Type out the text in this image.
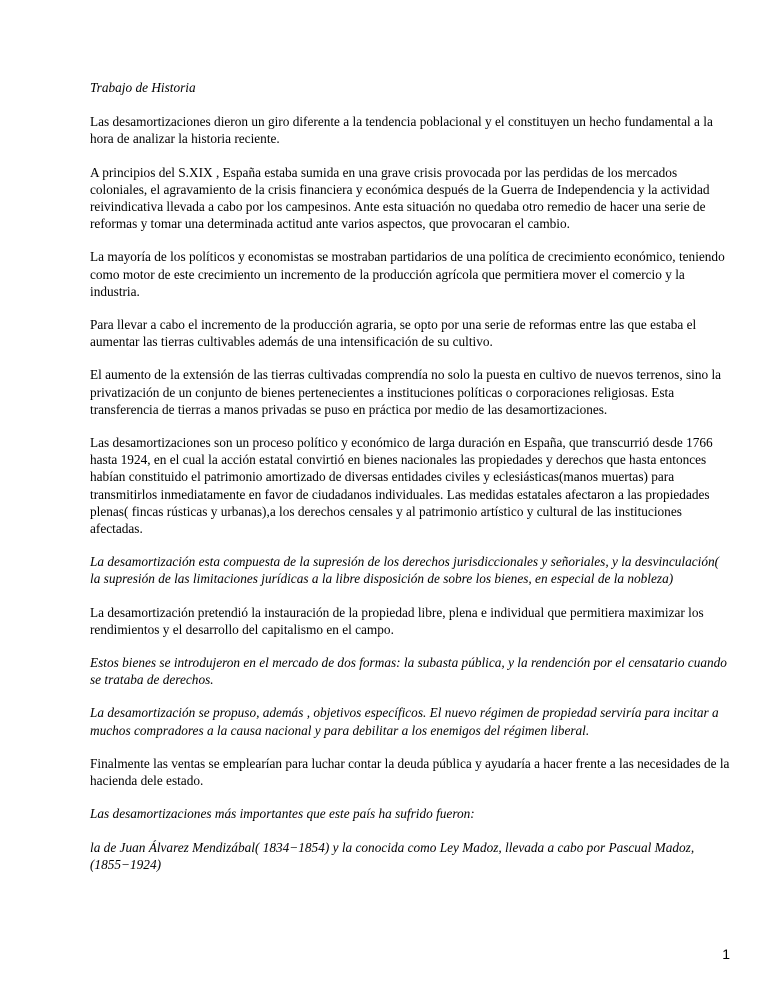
Trabajo de Historia

Las desamortizaciones dieron un giro diferente a la tendencia poblacional y el constituyen un hecho fundamental a la hora de analizar la historia reciente.

A principios del S.XIX , España estaba sumida en una grave crisis provocada por las perdidas de los mercados coloniales, el agravamiento de la crisis financiera y económica después de la Guerra de Independencia y la actividad reivindicativa llevada a cabo por los campesinos. Ante esta situación no quedaba otro remedio de hacer una serie de reformas y tomar una determinada actitud ante varios aspectos, que provocaran el cambio.

La mayoría de los políticos y economistas se mostraban partidarios de una política de crecimiento económico, teniendo como motor de este crecimiento un incremento de la producción agrícola que permitiera mover el comercio y la industria.

Para llevar a cabo el incremento de la producción agraria, se opto por una serie de reformas entre las que estaba el aumentar las tierras cultivables además de una intensificación de su cultivo.

El aumento de la extensión de las tierras cultivadas comprendía no solo la puesta en cultivo de nuevos terrenos, sino la privatización de un conjunto de bienes pertenecientes a instituciones políticas o corporaciones religiosas. Esta transferencia de tierras a manos privadas se puso en práctica por medio de las desamortizaciones.

Las desamortizaciones son un proceso político y económico de larga duración en España, que transcurrió desde 1766 hasta 1924, en el cual la acción estatal convirtió en bienes nacionales las propiedades y derechos que hasta entonces habían constituido el patrimonio amortizado de diversas entidades civiles y eclesiásticas(manos muertas) para transmitirlos inmediatamente en favor de ciudadanos individuales. Las medidas estatales afectaron a las propiedades plenas( fincas rústicas y urbanas),a los derechos censales y al patrimonio artístico y cultural de las instituciones afectadas.

La desamortización esta compuesta de la supresión de los derechos jurisdiccionales y señoriales, y la desvinculación( la supresión de las limitaciones jurídicas a la libre disposición de sobre los bienes, en especial de la nobleza)

La desamortización pretendió la instauración de la propiedad libre, plena e individual que permitiera maximizar los rendimientos y el desarrollo del capitalismo en el campo.

Estos bienes se introdujeron en el mercado de dos formas: la subasta pública, y la rendención por el censatario cuando se trataba de derechos.

La desamortización se propuso, además , objetivos específicos. El nuevo régimen de propiedad serviría para incitar a muchos compradores a la causa nacional y para debilitar a los enemigos del régimen liberal.

Finalmente las ventas se emplearían para luchar contar la deuda pública y ayudaría a hacer frente a las necesidades de la hacienda dele estado.

Las desamortizaciones más importantes que este país ha sufrido fueron:

la de Juan Álvarez Mendizábal( 1834−1854) y la conocida como Ley Madoz, llevada a cabo por Pascual Madoz, (1855−1924)

1
